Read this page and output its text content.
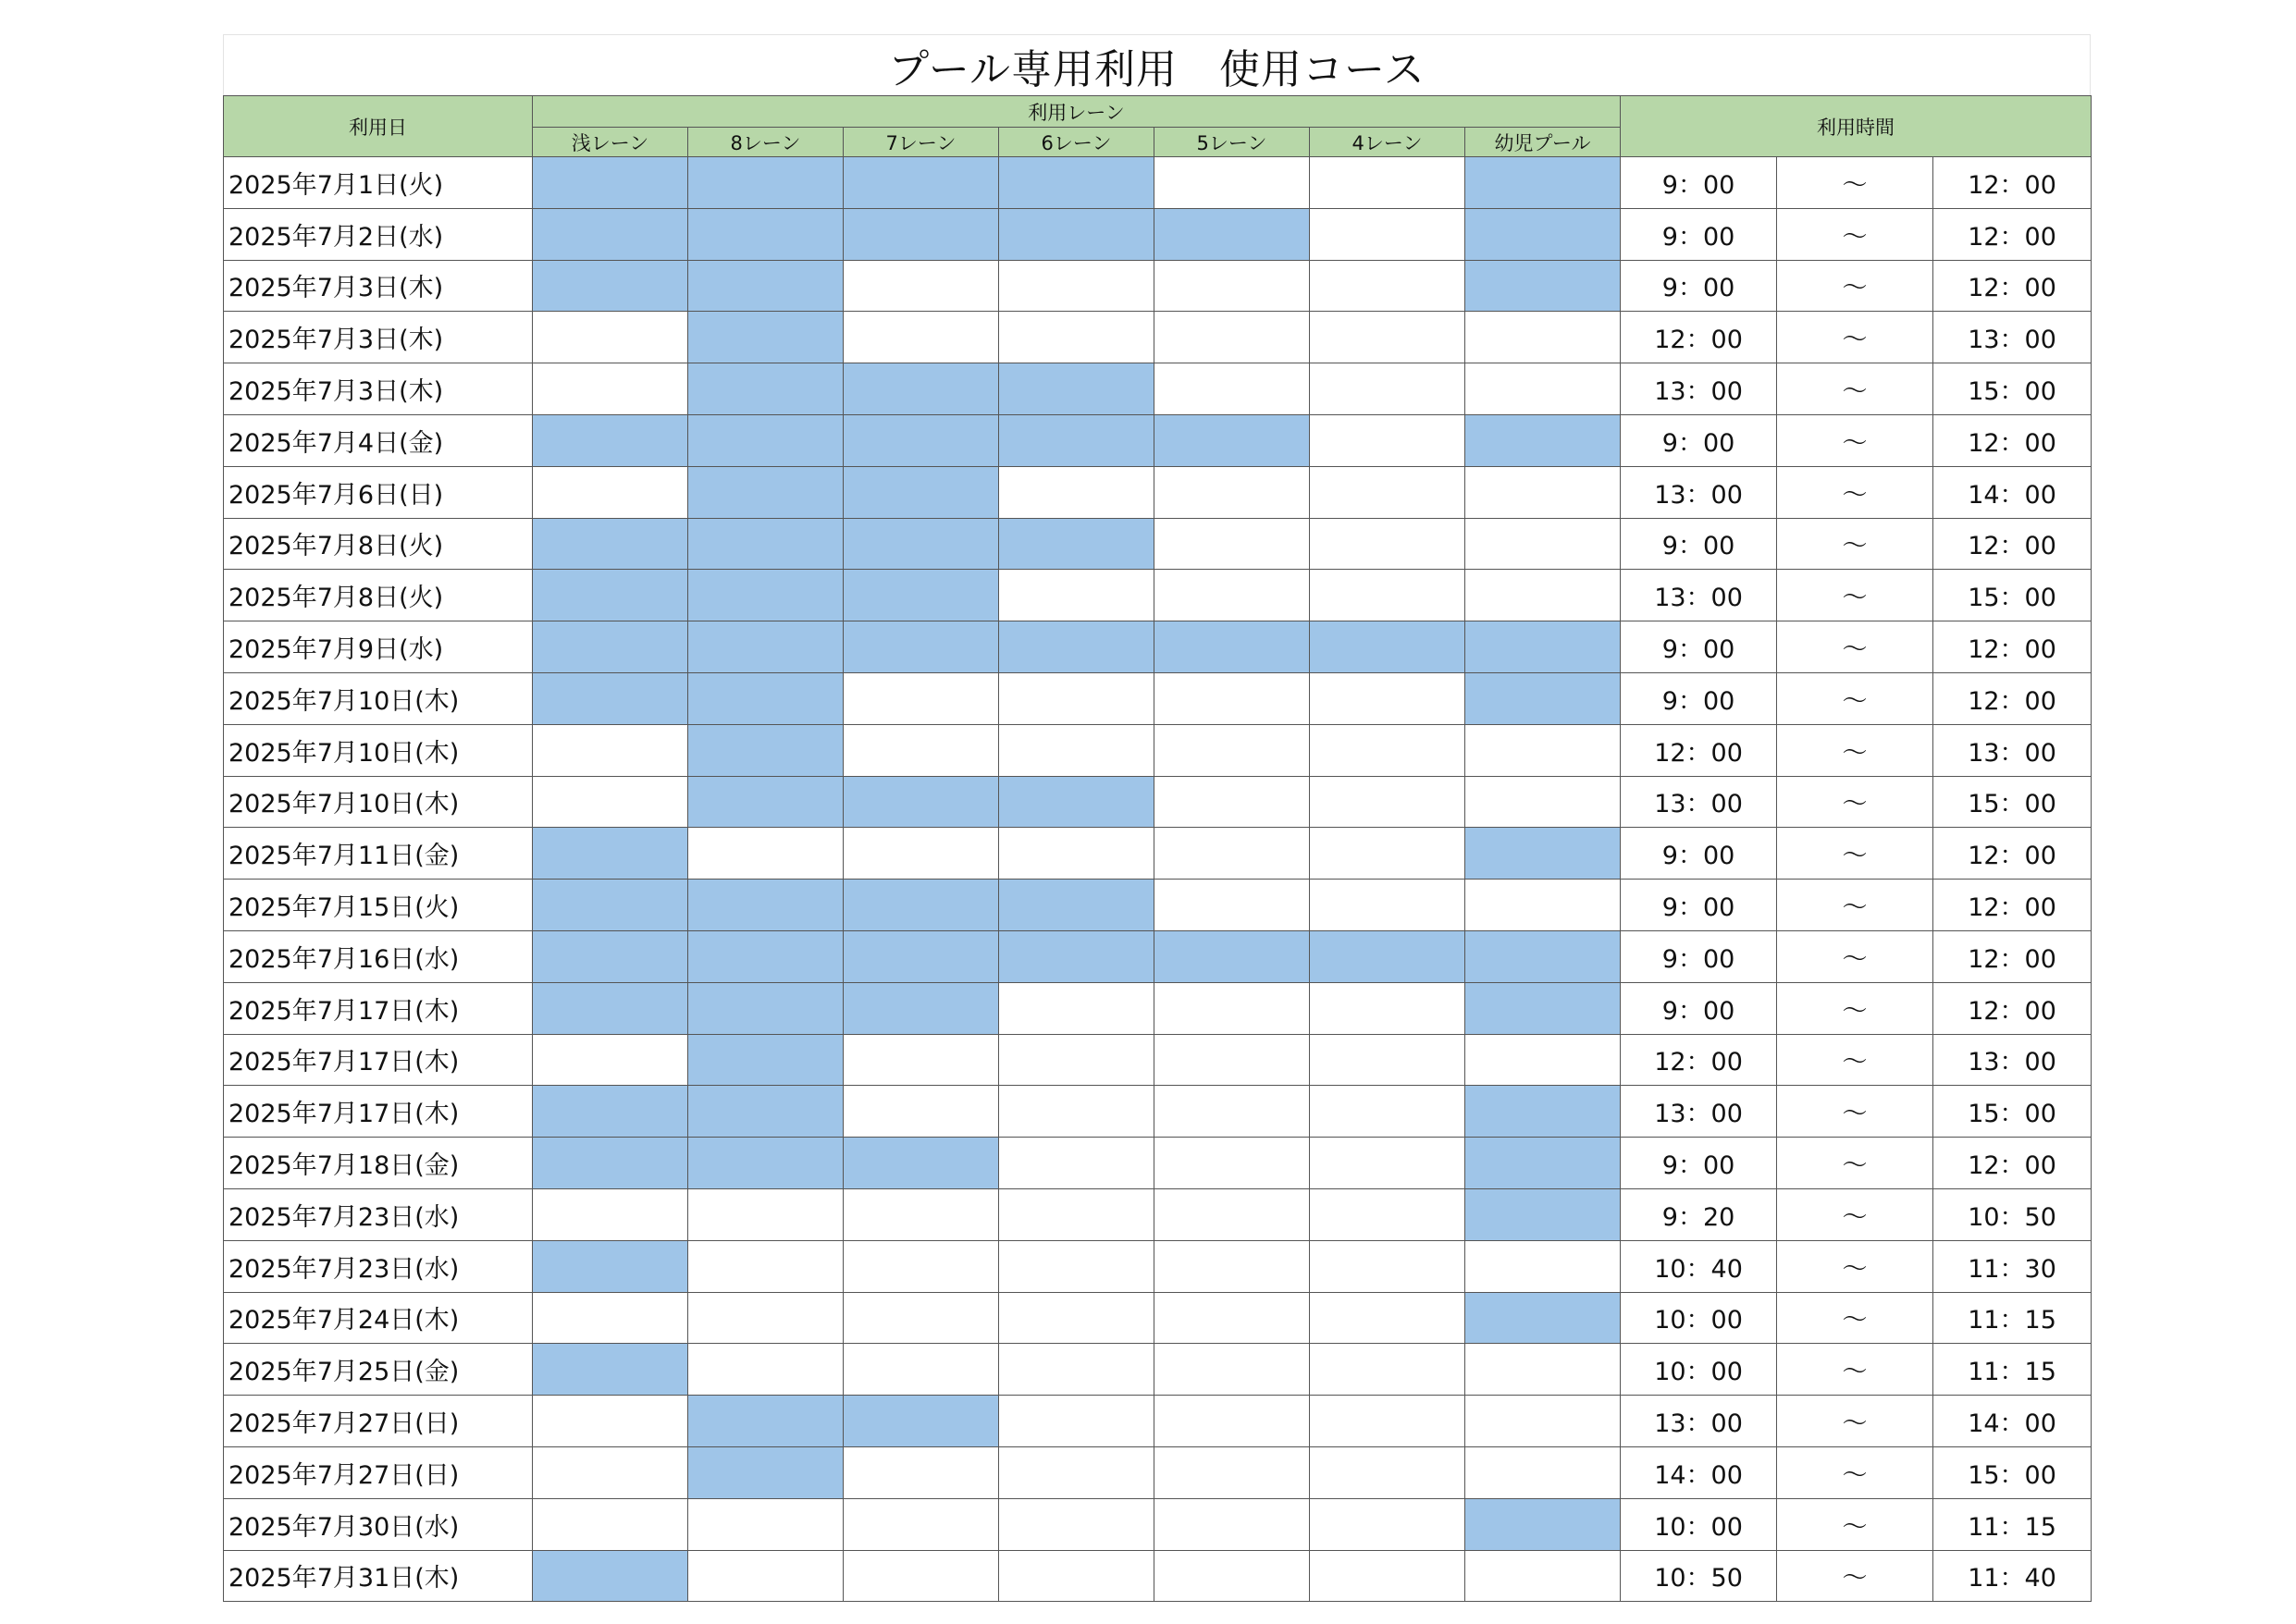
プール専用利用　使用コース
利用日	利用レーン							利用時間		
	浅レーン	8レーン	7レーン	6レーン	5レーン	4レーン	幼児プール			
2025年7月1日(火)								9：00	〜	12：00
2025年7月2日(水)								9：00	〜	12：00
2025年7月3日(木)								9：00	〜	12：00
2025年7月3日(木)								12：00	〜	13：00
2025年7月3日(木)								13：00	〜	15：00
2025年7月4日(金)								9：00	〜	12：00
2025年7月6日(日)								13：00	〜	14：00
2025年7月8日(火)								9：00	〜	12：00
2025年7月8日(火)								13：00	〜	15：00
2025年7月9日(水)								9：00	〜	12：00
2025年7月10日(木)								9：00	〜	12：00
2025年7月10日(木)								12：00	〜	13：00
2025年7月10日(木)								13：00	〜	15：00
2025年7月11日(金)								9：00	〜	12：00
2025年7月15日(火)								9：00	〜	12：00
2025年7月16日(水)								9：00	〜	12：00
2025年7月17日(木)								9：00	〜	12：00
2025年7月17日(木)								12：00	〜	13：00
2025年7月17日(木)								13：00	〜	15：00
2025年7月18日(金)								9：00	〜	12：00
2025年7月23日(水)								9：20	〜	10：50
2025年7月23日(水)								10：40	〜	11：30
2025年7月24日(木)								10：00	〜	11：15
2025年7月25日(金)								10：00	〜	11：15
2025年7月27日(日)								13：00	〜	14：00
2025年7月27日(日)								14：00	〜	15：00
2025年7月30日(水)								10：00	〜	11：15
2025年7月31日(木)								10：50	〜	11：40
